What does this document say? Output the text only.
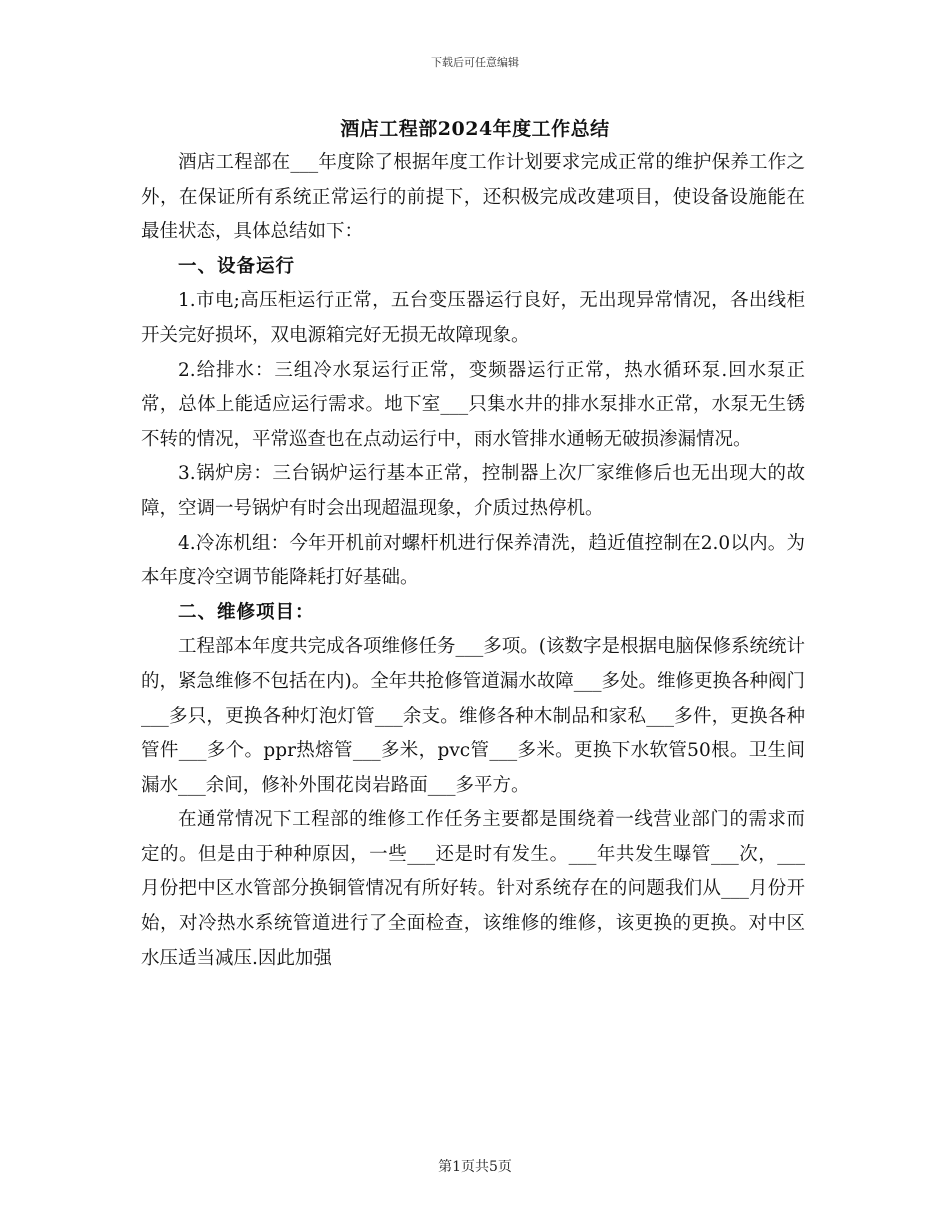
下载后可任意编辑
酒店工程部2024年度工作总结

酒店工程部在___年度除了根据年度工作计划要求完成正常的维护保养工作之外，在保证所有系统正常运行的前提下，还积极完成改建项目，使设备设施能在最佳状态，具体总结如下：

一、设备运行

1.市电;高压柜运行正常，五台变压器运行良好，无出现异常情况，各出线柜开关完好损坏，双电源箱完好无损无故障现象。

2.给排水：三组冷水泵运行正常，变频器运行正常，热水循环泵.回水泵正常，总体上能适应运行需求。地下室___只集水井的排水泵排水正常，水泵无生锈不转的情况，平常巡查也在点动运行中，雨水管排水通畅无破损渗漏情况。

3.锅炉房：三台锅炉运行基本正常，控制器上次厂家维修后也无出现大的故障，空调一号锅炉有时会出现超温现象，介质过热停机。

4.冷冻机组：今年开机前对螺杆机进行保养清洗，趋近值控制在2.0以内。为本年度冷空调节能降耗打好基础。

二、维修项目：

工程部本年度共完成各项维修任务___多项。(该数字是根据电脑保修系统统计的，紧急维修不包括在内)。全年共抢修管道漏水故障___多处。维修更换各种阀门___多只，更换各种灯泡灯管___余支。维修各种木制品和家私___多件，更换各种管件___多个。ppr热熔管___多米，pvc管___多米。更换下水软管50根。卫生间漏水___余间，修补外围花岗岩路面___多平方。

在通常情况下工程部的维修工作任务主要都是围绕着一线营业部门的需求而定的。但是由于种种原因，一些___还是时有发生。___年共发生曝管___次，___月份把中区水管部分换铜管情况有所好转。针对系统存在的问题我们从___月份开始，对冷热水系统管道进行了全面检查，该维修的维修，该更换的更换。对中区水压适当减压.因此加强

第1页共5页
